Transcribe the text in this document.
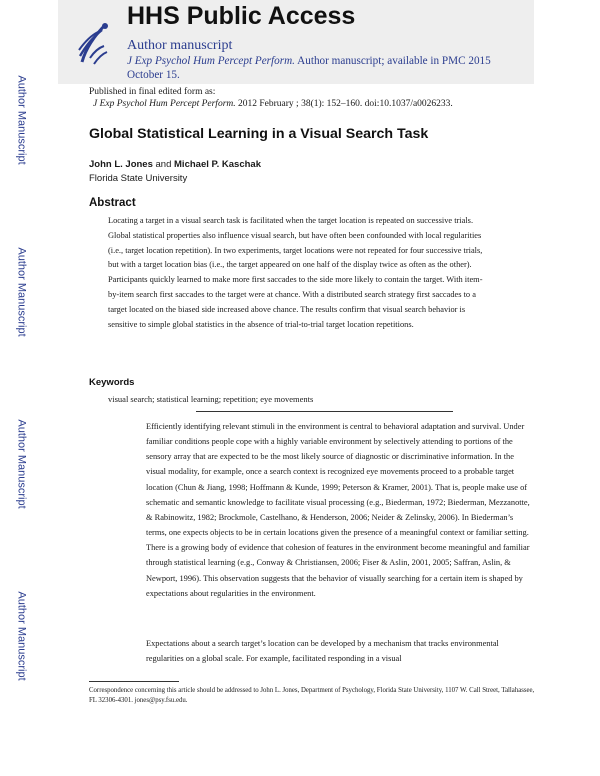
HHS Public Access
Author manuscript
J Exp Psychol Hum Percept Perform. Author manuscript; available in PMC 2015 October 15.
Author Manuscript
Author Manuscript
Author Manuscript
Author Manuscript
Published in final edited form as:
J Exp Psychol Hum Percept Perform. 2012 February ; 38(1): 152–160. doi:10.1037/a0026233.
Global Statistical Learning in a Visual Search Task
John L. Jones and Michael P. Kaschak
Florida State University
Abstract

Locating a target in a visual search task is facilitated when the target location is repeated on successive trials. Global statistical properties also influence visual search, but have often been confounded with local regularities (i.e., target location repetition). In two experiments, target locations were not repeated for four successive trials, but with a target location bias (i.e., the target appeared on one half of the display twice as often as the other). Participants quickly learned to make more first saccades to the side more likely to contain the target. With item-by-item search first saccades to the target were at chance. With a distributed search strategy first saccades to a target located on the biased side increased above chance. The results confirm that visual search behavior is sensitive to simple global statistics in the absence of trial-to-trial target location repetitions.

Keywords
visual search; statistical learning; repetition; eye movements

Efficiently identifying relevant stimuli in the environment is central to behavioral adaptation and survival. Under familiar conditions people cope with a highly variable environment by selectively attending to portions of the sensory array that are expected to be the most likely source of diagnostic or discriminative information. In the visual modality, for example, once a search context is recognized eye movements proceed to a probable target location (Chun & Jiang, 1998; Hoffmann & Kunde, 1999; Peterson & Kramer, 2001). That is, people make use of schematic and semantic knowledge to facilitate visual processing (e.g., Biederman, 1972; Biederman, Mezzanotte, & Rabinowitz, 1982; Brockmole, Castelhano, & Henderson, 2006; Neider & Zelinsky, 2006). In Biederman’s terms, one expects objects to be in certain locations given the presence of a meaningful context or familiar setting. There is a growing body of evidence that cohesion of features in the environment become meaningful and familiar through statistical learning (e.g., Conway & Christiansen, 2006; Fiser & Aslin, 2001, 2005; Saffran, Aslin, & Newport, 1996). This observation suggests that the behavior of visually searching for a certain item is shaped by expectations about regularities in the environment.

Expectations about a search target’s location can be developed by a mechanism that tracks environmental regularities on a global scale. For example, facilitated responding in a visual

Correspondence concerning this article should be addressed to John L. Jones, Department of Psychology, Florida State University, 1107 W. Call Street, Tallahassee, FL 32306-4301. jones@psy.fsu.edu.
